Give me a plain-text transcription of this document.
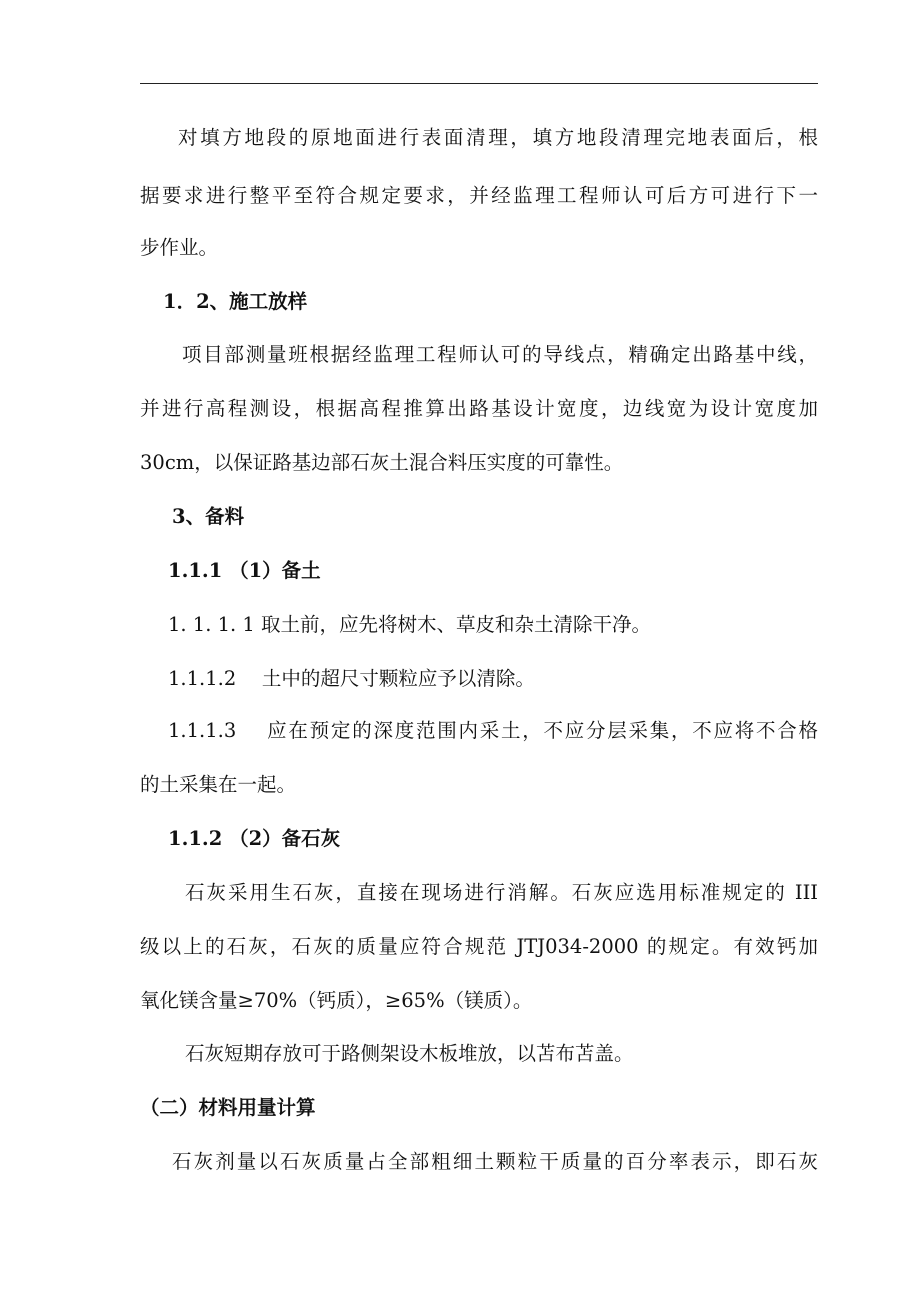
对填方地段的原地面进行表面清理，填方地段清理完地表面后，根
据要求进行整平至符合规定要求，并经监理工程师认可后方可进行下一
步作业。
1．2、施工放样
项目部测量班根据经监理工程师认可的导线点，精确定出路基中线，
并进行高程测设，根据高程推算出路基设计宽度，边线宽为设计宽度加
30cm，以保证路基边部石灰土混合料压实度的可靠性。
3、备料
1.1.1 （1）备土
1. 1. 1. 1 取土前，应先将树木、草皮和杂土清除干净。
1.1.1.2　 土中的超尺寸颗粒应予以清除。
1.1.1.3　 应在预定的深度范围内采土，不应分层采集，不应将不合格
的土采集在一起。
1.1.2 （2）备石灰
石灰采用生石灰，直接在现场进行消解。石灰应选用标准规定的 III
级以上的石灰，石灰的质量应符合规范 JTJ034-2000 的规定。有效钙加
氧化镁含量≥70%（钙质），≥65%（镁质）。
石灰短期存放可于路侧架设木板堆放，以苫布苫盖。
（二）材料用量计算
石灰剂量以石灰质量占全部粗细土颗粒干质量的百分率表示，即石灰
